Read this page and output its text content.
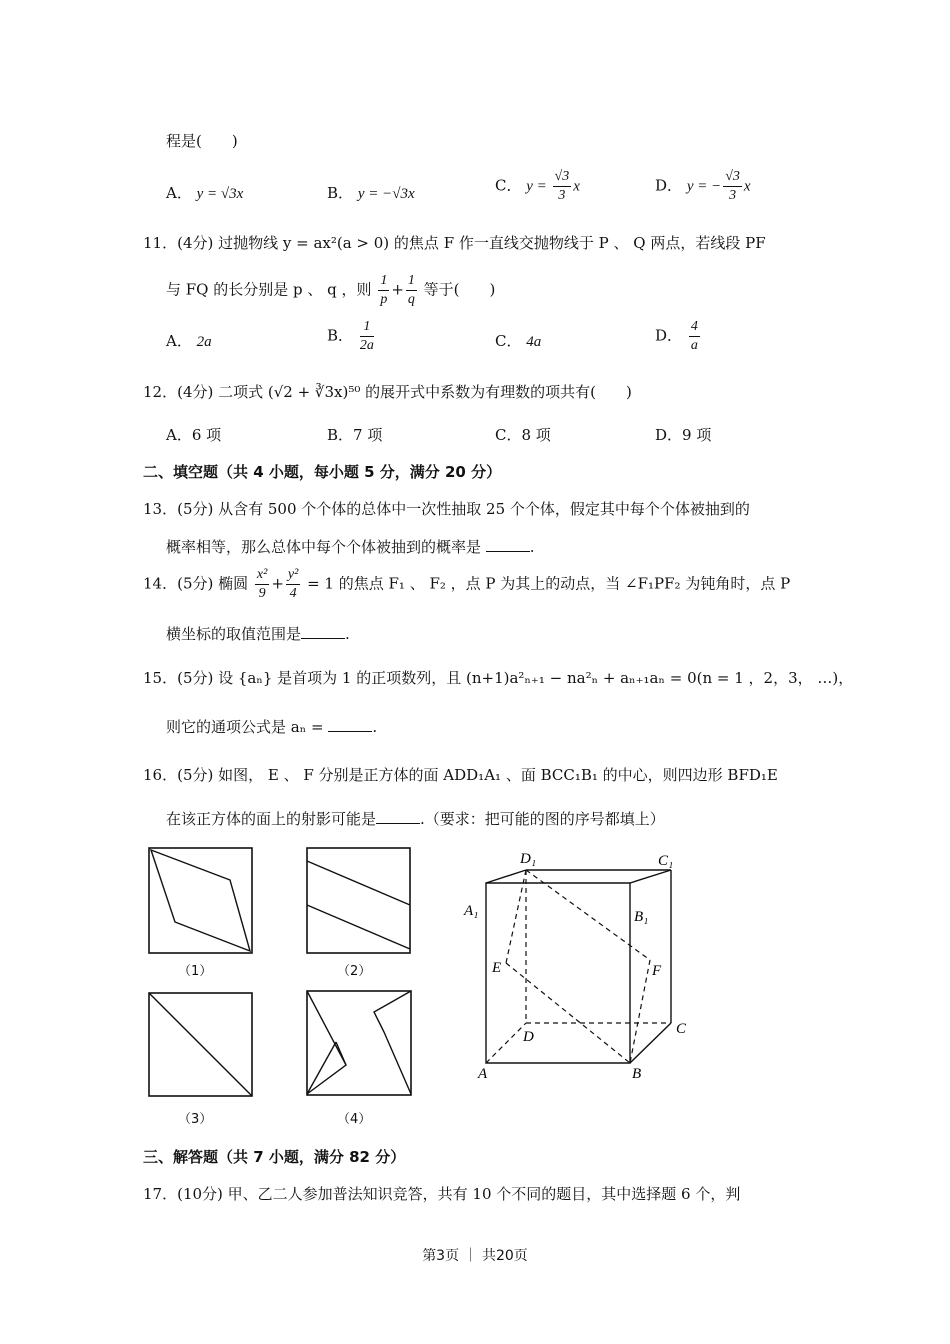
程是(　　)
A． y = √3x	B． y = −√3x	C． $y = \frac{√3}{3}$ x	D． y = − $\frac{√3}{3}$ x
11．(4分) 过抛物线 y = ax²(a > 0) 的焦点 F 作一直线交抛物线于 P 、 Q 两点，若线段 PF
与 FQ 的长分别是 p 、 q ，则 $\frac{1}{p} + \frac{1}{q}$ 等于(　　)
A． 2a	B． $\frac{1}{2a}$	C． 4a	D． $\frac{4}{a}$
12．(4分) 二项式 (√2 + ∛3x)⁵⁰ 的展开式中系数为有理数的项共有(　　)
A．6 项	B．7 项	C．8 项	D．9 项
二、填空题（共 4 小题，每小题 5 分，满分 20 分）
13．(5分) 从含有 500 个个体的总体中一次性抽取 25 个个体，假定其中每个个体被抽到的
概率相等，那么总体中每个个体被抽到的概率是	.
14．(5分) 椭圆 $\frac{\text{x²}}{9} + \frac{\text{y²}}{4} = 1$ 的焦点 F₁ 、 F₂ ，点 P 为其上的动点，当 ∠F₁PF₂ 为钝角时，点 P
横坐标的取值范围是	.
15．(5分) 设 {aₙ} 是首项为 1 的正项数列，且 (n+1)a²ₙ₊₁ − na²ₙ + aₙ₊₁aₙ = 0(n = 1 ，2，3， …)，
则它的通项公式是 aₙ =	.
16．(5分) 如图， E 、 F 分别是正方体的面 ADD₁A₁ 、面 BCC₁B₁ 的中心，则四边形 BFD₁E
在该正方体的面上的射影可能是	.（要求：把可能的图的序号都填上）
（1）	（2）
（3）	（4）
D₁	C₁
A₁	B₁
E	F
D	C
A	B
三、解答题（共 7 小题，满分 82 分）
17．(10分) 甲、乙二人参加普法知识竞答，共有 10 个不同的题目，其中选择题 6 个，判
第3页 ｜ 共20页
